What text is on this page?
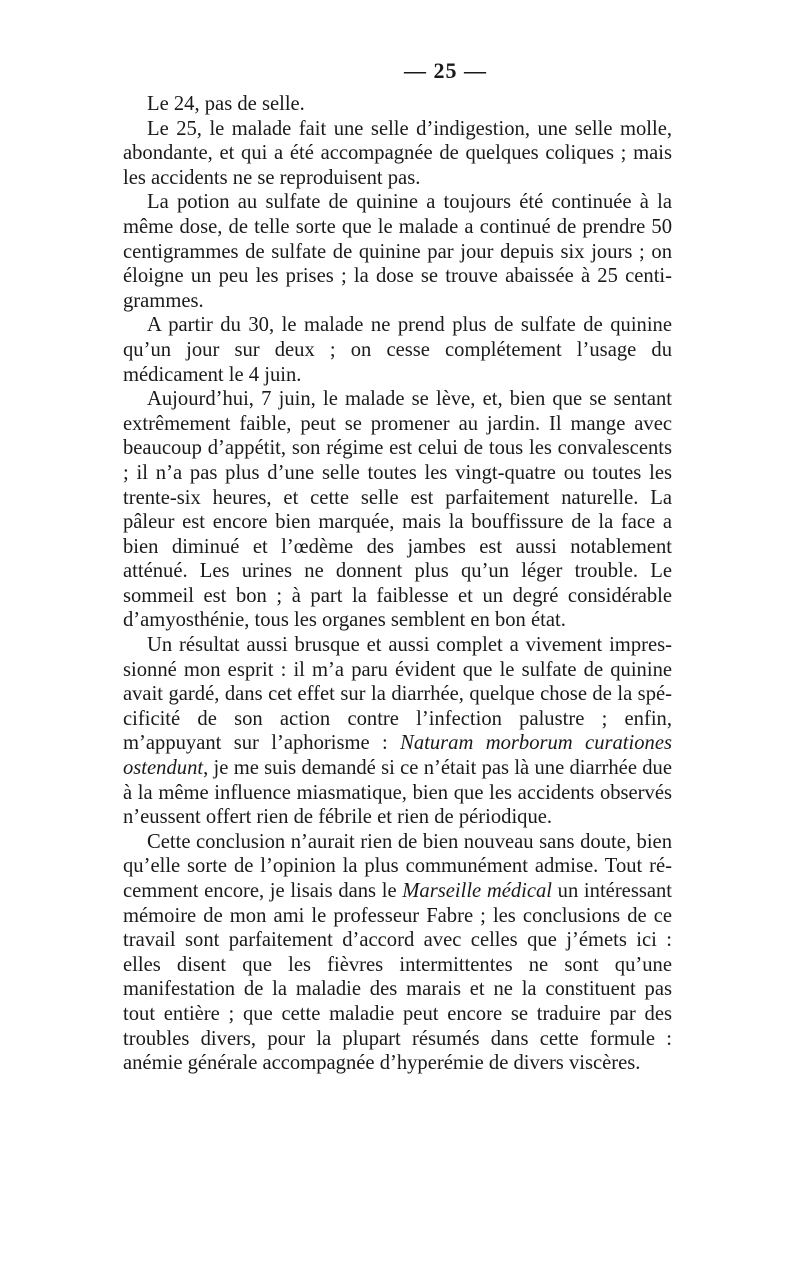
— 25 —

Le 24, pas de selle.

Le 25, le malade fait une selle d’indigestion, une selle molle, abondante, et qui a été accompagnée de quelques coliques ; mais les accidents ne se reproduisent pas.

La potion au sulfate de quinine a toujours été continuée à la même dose, de telle sorte que le malade a continué de prendre 50 centigrammes de sulfate de quinine par jour depuis six jours ; on éloigne un peu les prises ; la dose se trouve abaissée à 25 centigrammes.

A partir du 30, le malade ne prend plus de sulfate de quinine qu’un jour sur deux ; on cesse complétement l’usage du médicament le 4 juin.

Aujourd’hui, 7 juin, le malade se lève, et, bien que se sentant extrêmement faible, peut se promener au jardin. Il mange avec beaucoup d’appétit, son régime est celui de tous les convalescents ; il n’a pas plus d’une selle toutes les vingt-quatre ou toutes les trente-six heures, et cette selle est parfaitement naturelle. La pâleur est encore bien marquée, mais la bouffissure de la face a bien diminué et l’œdème des jambes est aussi notablement atténué. Les urines ne donnent plus qu’un léger trouble. Le sommeil est bon ; à part la faiblesse et un degré considérable d’amyosthénie, tous les organes semblent en bon état.

Un résultat aussi brusque et aussi complet a vivement impressionné mon esprit : il m’a paru évident que le sulfate de quinine avait gardé, dans cet effet sur la diarrhée, quelque chose de la spécificité de son action contre l’infection palustre ; enfin, m’appuyant sur l’aphorisme : Naturam morborum curationes ostendunt, je me suis demandé si ce n’était pas là une diarrhée due à la même influence miasmatique, bien que les accidents observés n’eussent offert rien de fébrile et rien de périodique.

Cette conclusion n’aurait rien de bien nouveau sans doute, bien qu’elle sorte de l’opinion la plus communément admise. Tout récemment encore, je lisais dans le Marseille médical un intéressant mémoire de mon ami le professeur Fabre ; les conclusions de ce travail sont parfaitement d’accord avec celles que j’émets ici : elles disent que les fièvres intermittentes ne sont qu’une manifestation de la maladie des marais et ne la constituent pas tout entière ; que cette maladie peut encore se traduire par des troubles divers, pour la plupart résumés dans cette formule : anémie générale accompagnée d’hyperémie de divers viscères.
